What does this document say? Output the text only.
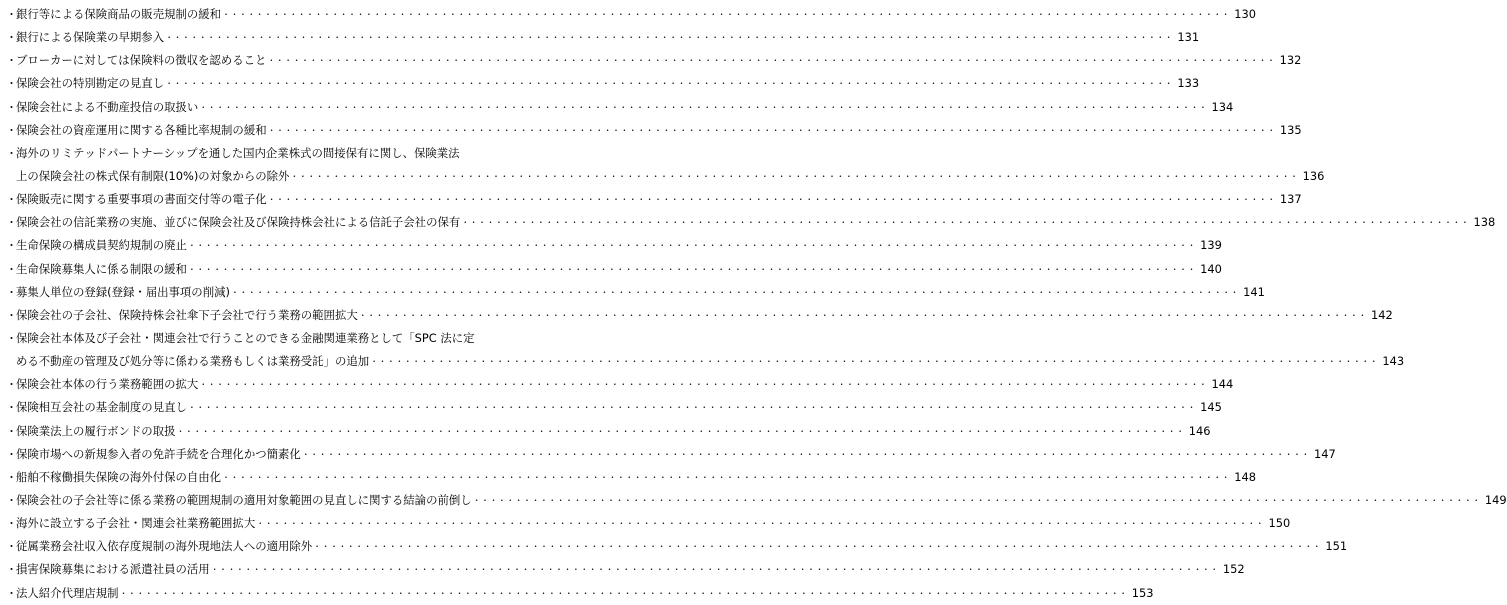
・ 銀行等による保険商品の販売規制の緩和 ・・・・・・・・・・・・・・・・・・・・・・・・・・・・・・・・・・・・・・・・・・・・・・・・・・・・・・・・・・・・・・・・・・・・・・・・・・・・・・・・・・・・・・・・・・・・・・・・・・・・・・・・・・・・・・・・・・・・・・・・ 130
・ 銀行による保険業の早期参入 ・・・・・・・・・・・・・・・・・・・・・・・・・・・・・・・・・・・・・・・・・・・・・・・・・・・・・・・・・・・・・・・・・・・・・・・・・・・・・・・・・・・・・・・・・・・・・・・・・・・・・・・・・・・・・・・・・・・・・・・・ 131
・ ブローカーに対しては保険料の徴収を認めること ・・・・・・・・・・・・・・・・・・・・・・・・・・・・・・・・・・・・・・・・・・・・・・・・・・・・・・・・・・・・・・・・・・・・・・・・・・・・・・・・・・・・・・・・・・・・・・・・・・・・・・・・・・・・・・・・・・・・・・・・ 132
・ 保険会社の特別勘定の見直し ・・・・・・・・・・・・・・・・・・・・・・・・・・・・・・・・・・・・・・・・・・・・・・・・・・・・・・・・・・・・・・・・・・・・・・・・・・・・・・・・・・・・・・・・・・・・・・・・・・・・・・・・・・・・・・・・・・・・・・・・ 133
・ 保険会社による不動産投信の取扱い ・・・・・・・・・・・・・・・・・・・・・・・・・・・・・・・・・・・・・・・・・・・・・・・・・・・・・・・・・・・・・・・・・・・・・・・・・・・・・・・・・・・・・・・・・・・・・・・・・・・・・・・・・・・・・・・・・・・・・・・・ 134
・ 保険会社の資産運用に関する各種比率規制の緩和 ・・・・・・・・・・・・・・・・・・・・・・・・・・・・・・・・・・・・・・・・・・・・・・・・・・・・・・・・・・・・・・・・・・・・・・・・・・・・・・・・・・・・・・・・・・・・・・・・・・・・・・・・・・・・・・・・・・・・・・・・ 135
・ 海外のリミテッドパートナーシップを通した国内企業株式の間接保有に関し、保険業法
上の保険会社の株式保有制限(10%)の対象からの除外 ・・・・・・・・・・・・・・・・・・・・・・・・・・・・・・・・・・・・・・・・・・・・・・・・・・・・・・・・・・・・・・・・・・・・・・・・・・・・・・・・・・・・・・・・・・・・・・・・・・・・・・・・・・・・・・・・・・・・・・・・ 136
・ 保険販売に関する重要事項の書面交付等の電子化 ・・・・・・・・・・・・・・・・・・・・・・・・・・・・・・・・・・・・・・・・・・・・・・・・・・・・・・・・・・・・・・・・・・・・・・・・・・・・・・・・・・・・・・・・・・・・・・・・・・・・・・・・・・・・・・・・・・・・・・・・ 137
・ 保険会社の信託業務の実施、並びに保険会社及び保険持株会社による信託子会社の保有 ・・・・・・・・・・・・・・・・・・・・・・・・・・・・・・・・・・・・・・・・・・・・・・・・・・・・・・・・・・・・・・・・・・・・・・・・・・・・・・・・・・・・・・・・・・・・・・・・・・・・・・・・・・・・・・・・・・・・・・・・ 138
・ 生命保険の構成員契約規制の廃止 ・・・・・・・・・・・・・・・・・・・・・・・・・・・・・・・・・・・・・・・・・・・・・・・・・・・・・・・・・・・・・・・・・・・・・・・・・・・・・・・・・・・・・・・・・・・・・・・・・・・・・・・・・・・・・・・・・・・・・・・・ 139
・ 生命保険募集人に係る制限の緩和 ・・・・・・・・・・・・・・・・・・・・・・・・・・・・・・・・・・・・・・・・・・・・・・・・・・・・・・・・・・・・・・・・・・・・・・・・・・・・・・・・・・・・・・・・・・・・・・・・・・・・・・・・・・・・・・・・・・・・・・・・ 140
・ 募集人単位の登録(登録・届出事項の削減) ・・・・・・・・・・・・・・・・・・・・・・・・・・・・・・・・・・・・・・・・・・・・・・・・・・・・・・・・・・・・・・・・・・・・・・・・・・・・・・・・・・・・・・・・・・・・・・・・・・・・・・・・・・・・・・・・・・・・・・・・ 141
・ 保険会社の子会社、保険持株会社傘下子会社で行う業務の範囲拡大 ・・・・・・・・・・・・・・・・・・・・・・・・・・・・・・・・・・・・・・・・・・・・・・・・・・・・・・・・・・・・・・・・・・・・・・・・・・・・・・・・・・・・・・・・・・・・・・・・・・・・・・・・・・・・・・・・・・・・・・・・ 142
・ 保険会社本体及び子会社・関連会社で行うことのできる金融関連業務として「SPC 法に定
める不動産の管理及び処分等に係わる業務もしくは業務受託」の追加 ・・・・・・・・・・・・・・・・・・・・・・・・・・・・・・・・・・・・・・・・・・・・・・・・・・・・・・・・・・・・・・・・・・・・・・・・・・・・・・・・・・・・・・・・・・・・・・・・・・・・・・・・・・・・・・・・・・・・・・・・ 143
・ 保険会社本体の行う業務範囲の拡大 ・・・・・・・・・・・・・・・・・・・・・・・・・・・・・・・・・・・・・・・・・・・・・・・・・・・・・・・・・・・・・・・・・・・・・・・・・・・・・・・・・・・・・・・・・・・・・・・・・・・・・・・・・・・・・・・・・・・・・・・・ 144
・ 保険相互会社の基金制度の見直し ・・・・・・・・・・・・・・・・・・・・・・・・・・・・・・・・・・・・・・・・・・・・・・・・・・・・・・・・・・・・・・・・・・・・・・・・・・・・・・・・・・・・・・・・・・・・・・・・・・・・・・・・・・・・・・・・・・・・・・・・ 145
・ 保険業法上の履行ボンドの取扱 ・・・・・・・・・・・・・・・・・・・・・・・・・・・・・・・・・・・・・・・・・・・・・・・・・・・・・・・・・・・・・・・・・・・・・・・・・・・・・・・・・・・・・・・・・・・・・・・・・・・・・・・・・・・・・・・・・・・・・・・・ 146
・ 保険市場への新規参入者の免許手続を合理化かつ簡素化 ・・・・・・・・・・・・・・・・・・・・・・・・・・・・・・・・・・・・・・・・・・・・・・・・・・・・・・・・・・・・・・・・・・・・・・・・・・・・・・・・・・・・・・・・・・・・・・・・・・・・・・・・・・・・・・・・・・・・・・・・ 147
・ 船舶不稼働損失保険の海外付保の自由化 ・・・・・・・・・・・・・・・・・・・・・・・・・・・・・・・・・・・・・・・・・・・・・・・・・・・・・・・・・・・・・・・・・・・・・・・・・・・・・・・・・・・・・・・・・・・・・・・・・・・・・・・・・・・・・・・・・・・・・・・・ 148
・ 保険会社の子会社等に係る業務の範囲規制の適用対象範囲の見直しに関する結論の前倒し ・・・・・・・・・・・・・・・・・・・・・・・・・・・・・・・・・・・・・・・・・・・・・・・・・・・・・・・・・・・・・・・・・・・・・・・・・・・・・・・・・・・・・・・・・・・・・・・・・・・・・・・・・・・・・・・・・・・・・・・・ 149
・ 海外に設立する子会社・関連会社業務範囲拡大 ・・・・・・・・・・・・・・・・・・・・・・・・・・・・・・・・・・・・・・・・・・・・・・・・・・・・・・・・・・・・・・・・・・・・・・・・・・・・・・・・・・・・・・・・・・・・・・・・・・・・・・・・・・・・・・・・・・・・・・・・ 150
・ 従属業務会社収入依存度規制の海外現地法人への適用除外 ・・・・・・・・・・・・・・・・・・・・・・・・・・・・・・・・・・・・・・・・・・・・・・・・・・・・・・・・・・・・・・・・・・・・・・・・・・・・・・・・・・・・・・・・・・・・・・・・・・・・・・・・・・・・・・・・・・・・・・・・ 151
・ 損害保険募集における派遣社員の活用 ・・・・・・・・・・・・・・・・・・・・・・・・・・・・・・・・・・・・・・・・・・・・・・・・・・・・・・・・・・・・・・・・・・・・・・・・・・・・・・・・・・・・・・・・・・・・・・・・・・・・・・・・・・・・・・・・・・・・・・・・ 152
・ 法人紹介代理店規制 ・・・・・・・・・・・・・・・・・・・・・・・・・・・・・・・・・・・・・・・・・・・・・・・・・・・・・・・・・・・・・・・・・・・・・・・・・・・・・・・・・・・・・・・・・・・・・・・・・・・・・・・・・・・・・・・・・・・・・・・・ 153
